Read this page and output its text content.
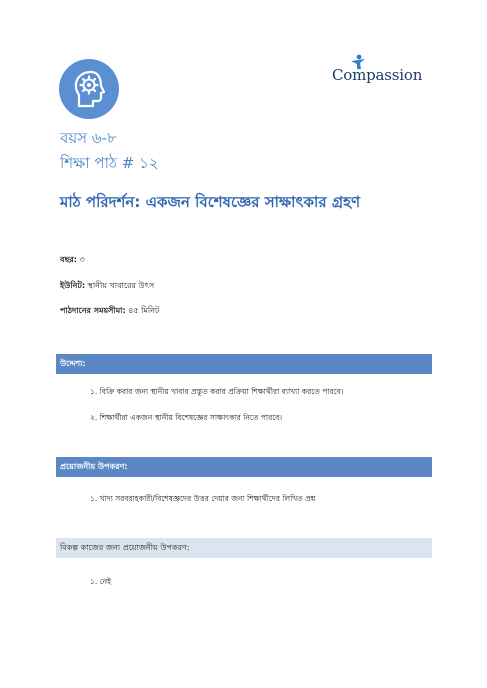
Compassion
বয়স ৬-৮
শিক্ষা পাঠ # ১২
মাঠ পরিদর্শন: একজন বিশেষজ্ঞের সাক্ষাৎকার গ্রহণ
বছর: ৩
ইউনিট: স্থানীয় খাবারের উৎস
পাঠদানের সময়সীমা: ৪৫ মিনিট
উদ্দেশ্য:
১. বিক্রি করার জন্য স্থানীয় খাবার প্রস্তুত করার প্রক্রিয়া শিক্ষার্থীরা ব্যাখ্যা করতে পারবে।
২. শিক্ষার্থীরা একজন স্থানীয় বিশেষজ্ঞের সাক্ষাৎকার নিতে পারবে।
প্রয়োজনীয় উপকরণ:
১. খাদ্য সরবরাহকারী/বিশেষজ্ঞদের উত্তর দেয়ার জন্য শিক্ষার্থীদের লিখিত প্রশ্ন
বিকল্প কাজের জন্য প্রয়োজনীয় উপকরণ:
১. নেই
